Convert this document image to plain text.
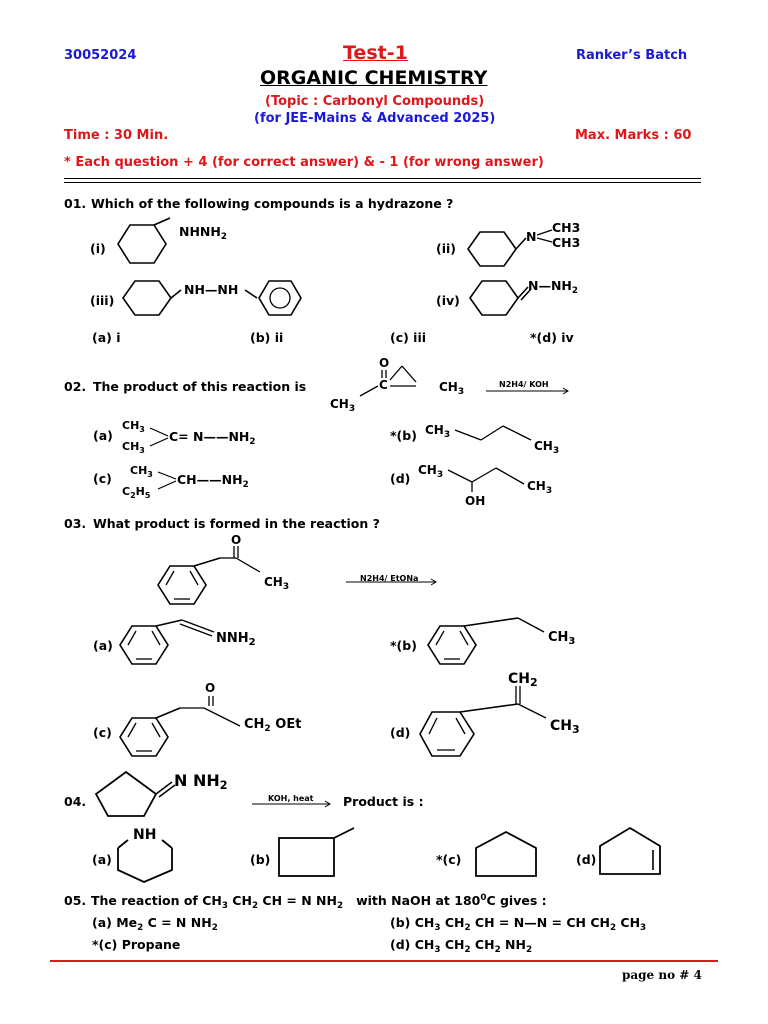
30052024	Test-1	Ranker’s Batch
ORGANIC CHEMISTRY
(Topic : Carbonyl Compounds)
(for JEE-Mains & Advanced 2025)
Time : 30 Min.	Max. Marks : 60
* Each question + 4 (for correct answer) & - 1 (for wrong answer)
01. Which of the following compounds is a hydrazone ?
(i)
$NHNH_2$
(ii)
N
CH3
CH3
(iii)
NH—NH
(iv)
$N—NH_2$
(a) i	(b) ii	(c) iii	*(d) iv
02. The product of this reaction is
O
C
$CH_3$
$CH_3$
N2H4/ KOH
(a)
$CH_3$
$CH_3$
$C= N——NH_2$	*(b) $CH_3$
$CH_3$
(c)
$CH_3$
$C_2H_5$
$CH——NH_2$	(d)
$CH_3$
OH
$CH_3$
03. What product is formed in the reaction ?
O
$CH_3$
N2H4/ EtONa
(a)	$NNH_2$	*(b)
$CH_3$
(c)
O
$CH_2$ OEt
(d)
$CH_2$
$CH_3$
04.
N $NH_2$
KOH, heat Product is :
(a)
NH
(b)	*(c)	(d)
05. The reaction of $CH_3$ $CH_2$ CH = N $NH_2$   with NaOH at $180^0C$ gives :
(a) $Me_2$ C = N $NH_2$	(b) $CH_3$ $CH_2$ CH = N—N = CH $CH_2$ $CH_3$
*(c) Propane	(d) $CH_3$ $CH_2$ $CH_2$ $NH_2$
page no # 4
